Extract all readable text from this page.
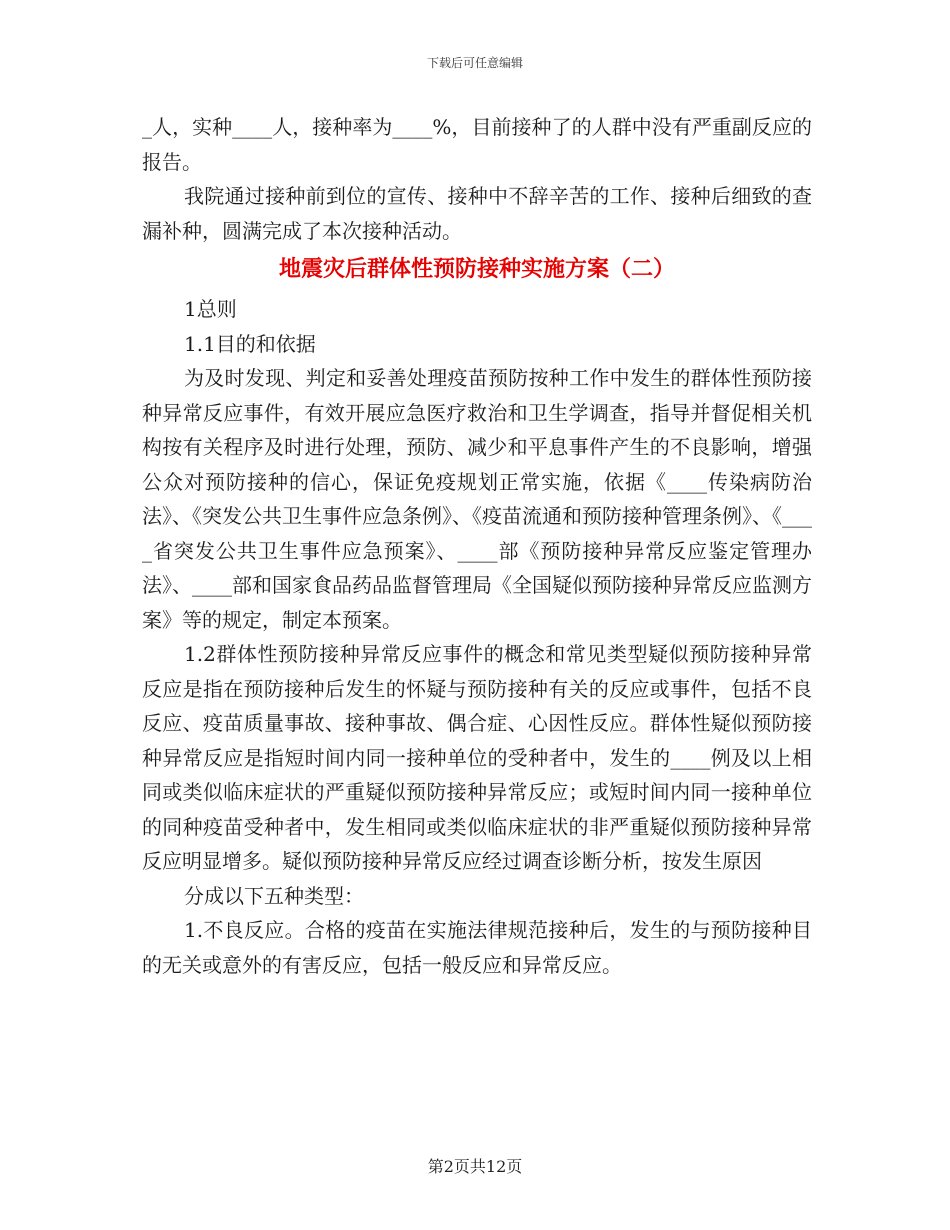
下载后可任意编辑

_人，实种____人，接种率为____%，目前接种了的人群中没有严重副反应的报告。

我院通过接种前到位的宣传、接种中不辞辛苦的工作、接种后细致的查漏补种，圆满完成了本次接种活动。

地震灾后群体性预防接种实施方案（二）

1总则

1.1目的和依据

为及时发现、判定和妥善处理疫苗预防按种工作中发生的群体性预防接种异常反应事件，有效开展应急医疗救治和卫生学调查，指导并督促相关机构按有关程序及时进行处理，预防、减少和平息事件产生的不良影响，增强公众对预防接种的信心，保证免疫规划正常实施，依据《____传染病防治法》、《突发公共卫生事件应急条例》、《疫苗流通和预防接种管理条例》、《____省突发公共卫生事件应急预案》、____部《预防接种异常反应鉴定管理办法》、____部和国家食品药品监督管理局《全国疑似预防接种异常反应监测方案》等的规定，制定本预案。

1.2群体性预防接种异常反应事件的概念和常见类型疑似预防接种异常反应是指在预防接种后发生的怀疑与预防接种有关的反应或事件，包括不良反应、疫苗质量事故、接种事故、偶合症、心因性反应。群体性疑似预防接种异常反应是指短时间内同一接种单位的受种者中，发生的____例及以上相同或类似临床症状的严重疑似预防接种异常反应；或短时间内同一接种单位的同种疫苗受种者中，发生相同或类似临床症状的非严重疑似预防接种异常反应明显增多。疑似预防接种异常反应经过调查诊断分析，按发生原因

分成以下五种类型：

1.不良反应。合格的疫苗在实施法律规范接种后，发生的与预防接种目的无关或意外的有害反应，包括一般反应和异常反应。

第2页共12页
